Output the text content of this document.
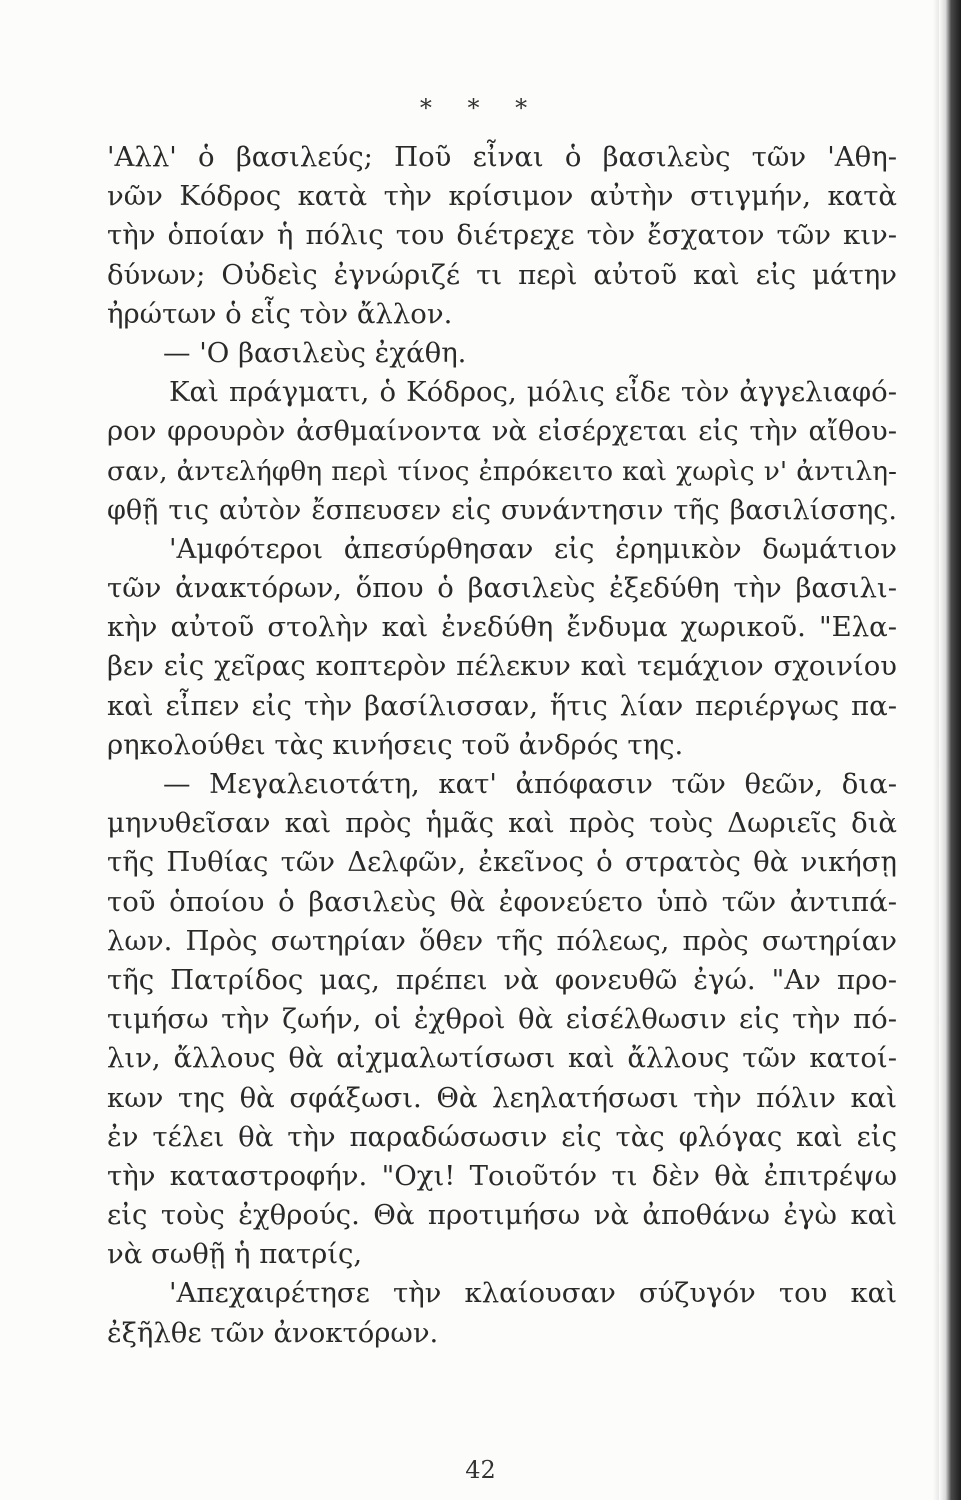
* * *
'Αλλ' ὁ βασιλεύς; Ποῦ εἶναι ὁ βασιλεὺς τῶν 'Αθη-
νῶν Κόδρος κατὰ τὴν κρίσιμον αὐτὴν στιγμήν, κατὰ
τὴν ὁποίαν ἡ πόλις του διέτρεχε τὸν ἔσχατον τῶν κιν-
δύνων; Οὐδεὶς ἐγνώριζέ τι περὶ αὐτοῦ καὶ εἰς μάτην
ἠρώτων ὁ εἷς τὸν ἄλλον.
— 'Ο βασιλεὺς ἐχάθη.
Καὶ πράγματι, ὁ Κόδρος, μόλις εἶδε τὸν ἀγγελιαφό-
ρον φρουρὸν ἀσθμαίνοντα νὰ εἰσέρχεται εἰς τὴν αἴθου-
σαν, ἀντελήφθη περὶ τίνος ἐπρόκειτο καὶ χωρὶς ν' ἀντιλη-
φθῇ τις αὐτὸν ἔσπευσεν εἰς συνάντησιν τῆς βασιλίσσης.
'Αμφότεροι ἀπεσύρθησαν εἰς ἐρημικὸν δωμάτιον
τῶν ἀνακτόρων, ὅπου ὁ βασιλεὺς ἐξεδύθη τὴν βασιλι-
κὴν αὐτοῦ στολὴν καὶ ἐνεδύθη ἔνδυμα χωρικοῦ. "Ελα-
βεν εἰς χεῖρας κοπτερὸν πέλεκυν καὶ τεμάχιον σχοινίου
καὶ εἶπεν εἰς τὴν βασίλισσαν, ἥτις λίαν περιέργως πα-
ρηκολούθει τὰς κινήσεις τοῦ ἀνδρός της.
— Μεγαλειοτάτη, κατ' ἀπόφασιν τῶν θεῶν, δια-
μηνυθεῖσαν καὶ πρὸς ἡμᾶς καὶ πρὸς τοὺς Δωριεῖς διὰ
τῆς Πυθίας τῶν Δελφῶν, ἐκεῖνος ὁ στρατὸς θὰ νικήσῃ
τοῦ ὁποίου ὁ βασιλεὺς θὰ ἐφονεύετο ὑπὸ τῶν ἀντιπά-
λων. Πρὸς σωτηρίαν ὅθεν τῆς πόλεως, πρὸς σωτηρίαν
τῆς Πατρίδος μας, πρέπει νὰ φονευθῶ ἐγώ. "Αν προ-
τιμήσω τὴν ζωήν, οἱ ἐχθροὶ θὰ εἰσέλθωσιν εἰς τὴν πό-
λιν, ἄλλους θὰ αἰχμαλωτίσωσι καὶ ἄλλους τῶν κατοί-
κων της θὰ σφάξωσι. Θὰ λεηλατήσωσι τὴν πόλιν καὶ
ἐν τέλει θὰ τὴν παραδώσωσιν εἰς τὰς φλόγας καὶ εἰς
τὴν καταστροφήν. "Οχι! Τοιοῦτόν τι δὲν θὰ ἐπιτρέψω
εἰς τοὺς ἐχθρούς. Θὰ προτιμήσω νὰ ἀποθάνω ἐγὼ καὶ
νὰ σωθῇ ἡ πατρίς,
'Απεχαιρέτησε τὴν κλαίουσαν σύζυγόν του καὶ
ἐξῆλθε τῶν ἀνοκτόρων.
42
